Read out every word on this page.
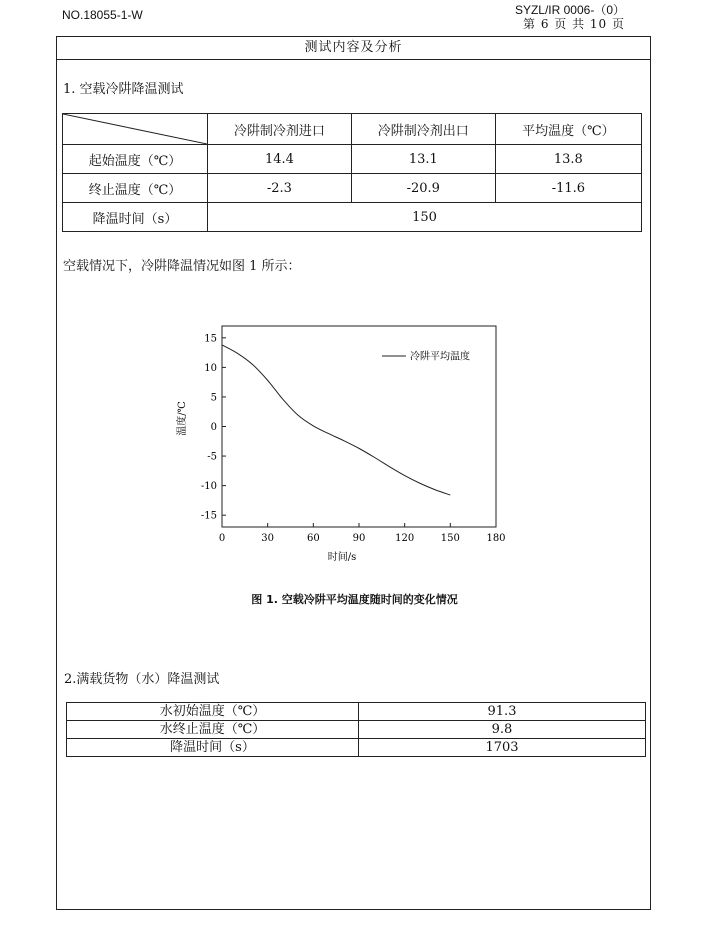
NO.18055-1-W	SYZL/IR 0006-（0）
第 6 页 共 10 页
测试内容及分析
1. 空载冷阱降温测试
	冷阱制冷剂进口	冷阱制冷剂出口	平均温度（℃）
起始温度（℃）	14.4	13.1	13.8
终止温度（℃）	-2.3	-20.9	-11.6
降温时间（s）	150		
空载情况下，冷阱降温情况如图 1 所示：
0	30	60	90	120	150	180
15
10
5
0
-5
-10
-15
时间/s
温度/℃
冷阱平均温度
图 1. 空载冷阱平均温度随时间的变化情况
2.满载货物（水）降温测试
水初始温度（℃）	91.3
水终止温度（℃）	9.8
降温时间（s）	1703
